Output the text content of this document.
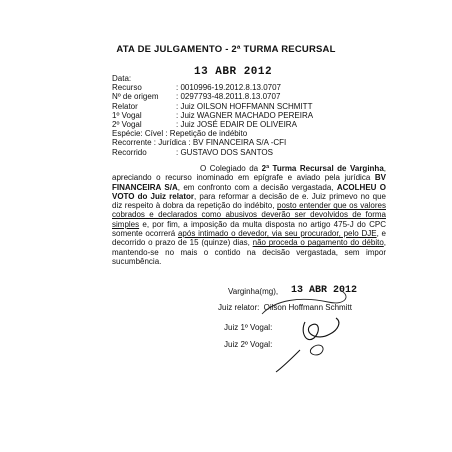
ATA DE JULGAMENTO - 2ª TURMA RECURSAL
13 ABR 2012
Data:
Recurso	: 0010996-19.2012.8.13.0707
Nº de origem : 0297793-48.2011.8.13.0707
Relator	: Juiz OILSON HOFFMANN SCHMITT
1º Vogal	: Juiz WAGNER MACHADO PEREIRA
2º Vogal	: Juiz JOSÉ EDAIR DE OLIVEIRA
Espécie: Cível : Repetição de indébito
Recorrente : Jurídica : BV FINANCEIRA S/A -CFI
Recorrido	: GUSTAVO DOS SANTOS

O Colegiado da 2ª Turma Recursal de Varginha, apreciando o recurso inominado em epígrafe e aviado pela jurídica BV FINANCEIRA S/A, em confronto com a decisão vergastada, ACOLHEU O VOTO do Juiz relator, para reformar a decisão de e. Juiz primevo no que diz respeito à dobra da repetição do indébito, posto entender que os valores cobrados e declarados como abusivos deverão ser devolvidos de forma simples e, por fim, a imposição da multa disposta no artigo 475-J do CPC somente ocorrerá após intimado o devedor, via seu procurador, pelo DJE, e decorrido o prazo de 15 (quinze) dias, não proceda o pagamento do débito, mantendo-se no mais o contido na decisão vergastada, sem impor sucumbência.

Varginha(mg), 13 ABR 2012
Juiz relator: Oilson Hoffmann Schmitt
Juiz 1º Vogal:
Juiz 2º Vogal:
